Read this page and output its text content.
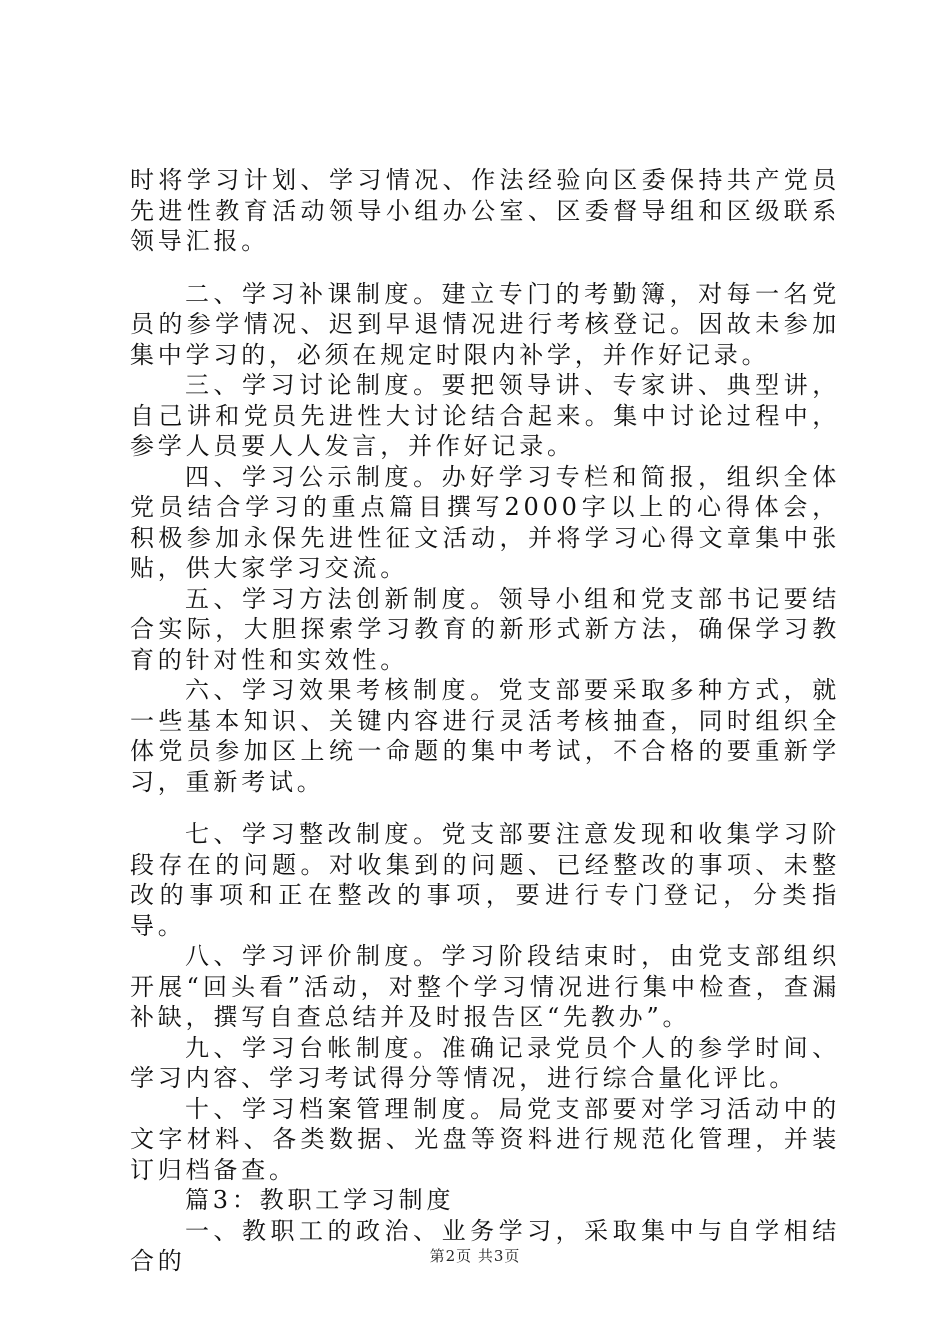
时将学习计划、学习情况、作法经验向区委保持共产党员先进性教育活动领导小组办公室、区委督导组和区级联系领导汇报。

二、学习补课制度。建立专门的考勤簿，对每一名党员的参学情况、迟到早退情况进行考核登记。因故未参加集中学习的，必须在规定时限内补学，并作好记录。

三、学习讨论制度。要把领导讲、专家讲、典型讲，自己讲和党员先进性大讨论结合起来。集中讨论过程中，参学人员要人人发言，并作好记录。

四、学习公示制度。办好学习专栏和简报，组织全体党员结合学习的重点篇目撰写2000字以上的心得体会，积极参加永保先进性征文活动，并将学习心得文章集中张贴，供大家学习交流。

五、学习方法创新制度。领导小组和党支部书记要结合实际，大胆探索学习教育的新形式新方法，确保学习教育的针对性和实效性。

六、学习效果考核制度。党支部要采取多种方式，就一些基本知识、关键内容进行灵活考核抽查，同时组织全体党员参加区上统一命题的集中考试，不合格的要重新学习，重新考试。

七、学习整改制度。党支部要注意发现和收集学习阶段存在的问题。对收集到的问题、已经整改的事项、未整改的事项和正在整改的事项，要进行专门登记，分类指导。

八、学习评价制度。学习阶段结束时，由党支部组织开展“回头看”活动，对整个学习情况进行集中检查，查漏补缺，撰写自查总结并及时报告区“先教办”。

九、学习台帐制度。准确记录党员个人的参学时间、学习内容、学习考试得分等情况，进行综合量化评比。

十、学习档案管理制度。局党支部要对学习活动中的文字材料、各类数据、光盘等资料进行规范化管理，并装订归档备查。

篇3：教职工学习制度

一、教职工的政治、业务学习，采取集中与自学相结合的	第2页 共3页
